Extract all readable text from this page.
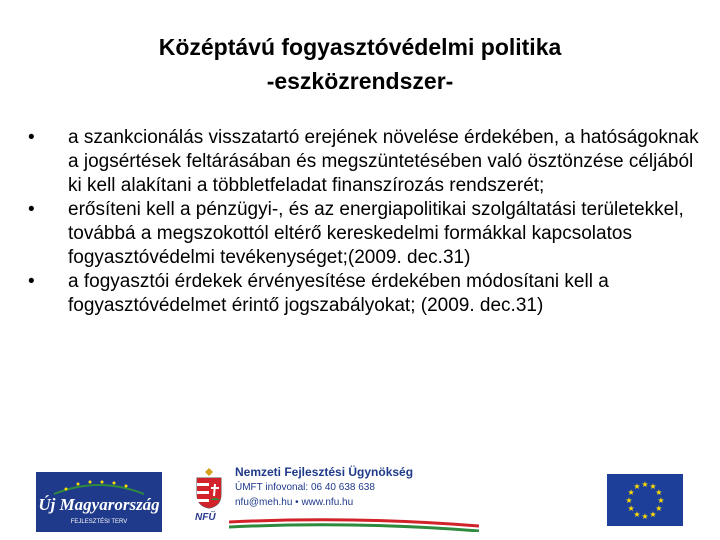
Középtávú fogyasztóvédelmi politika
-eszközrendszer-
•	a szankcionálás visszatartó erejének növelése érdekében, a hatóságoknak a jogsértések feltárásában és megszüntetésében való ösztönzése céljából ki kell alakítani a többletfeladat finanszírozás rendszerét;
•	erősíteni kell a pénzügyi-, és az energiapolitikai szolgáltatási területekkel, továbbá a megszokottól eltérő kereskedelmi formákkal kapcsolatos fogyasztóvédelmi tevékenységet;(2009. dec.31)
•	a fogyasztói érdekek érvényesítése érdekében módosítani kell a fogyasztóvédelmet érintő jogszabályokat; (2009. dec.31)
Új Magyarország
FEJLESZTÉSI TERV	NFÜ
Nemzeti Fejlesztési Ügynökség
ÚMFT infovonal: 06 40 638 638
nfu@meh.hu • www.nfu.hu
★ ★
★
★
★
★
★
★
★
★
★
★
